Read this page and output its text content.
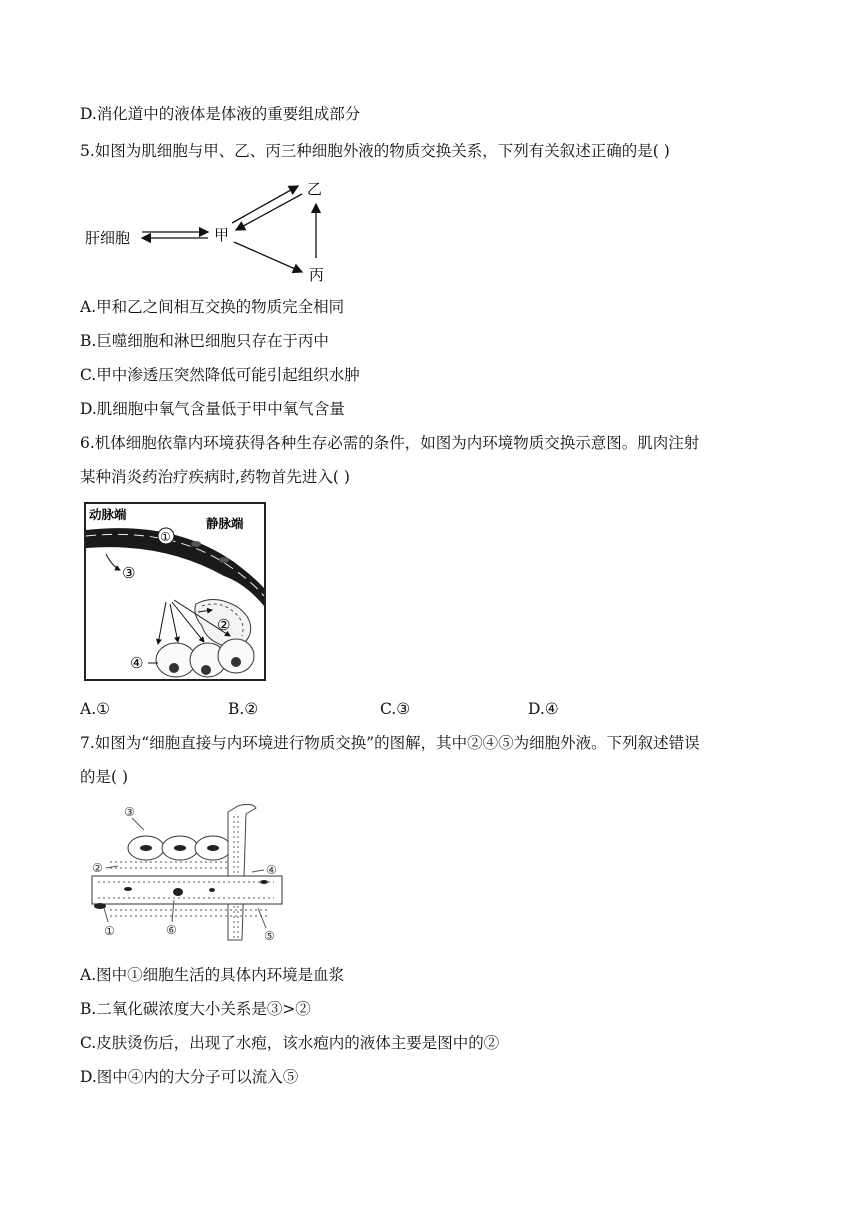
D.消化道中的液体是体液的重要组成部分
5.如图为肌细胞与甲、乙、丙三种细胞外液的物质交换关系，下列有关叙述正确的是( )
肝细胞	甲
乙
丙
A.甲和乙之间相互交换的物质完全相同
B.巨噬细胞和淋巴细胞只存在于丙中
C.甲中渗透压突然降低可能引起组织水肿
D.肌细胞中氧气含量低于甲中氧气含量
6.机体细胞依靠内环境获得各种生存必需的条件，如图为内环境物质交换示意图。肌肉注射
某种消炎药治疗疾病时,药物首先进入( )
动脉端
静脉端
①
③
②
④
A.①	B.②	C.③	D.④
7.如图为“细胞直接与内环境进行物质交换”的图解，其中②④⑤为细胞外液。下列叙述错误
的是( )
③
②	④
①	⑥	⑤
A.图中①细胞生活的具体内环境是血浆
B.二氧化碳浓度大小关系是③>②
C.皮肤烫伤后，出现了水疱，该水疱内的液体主要是图中的②
D.图中④内的大分子可以流入⑤
